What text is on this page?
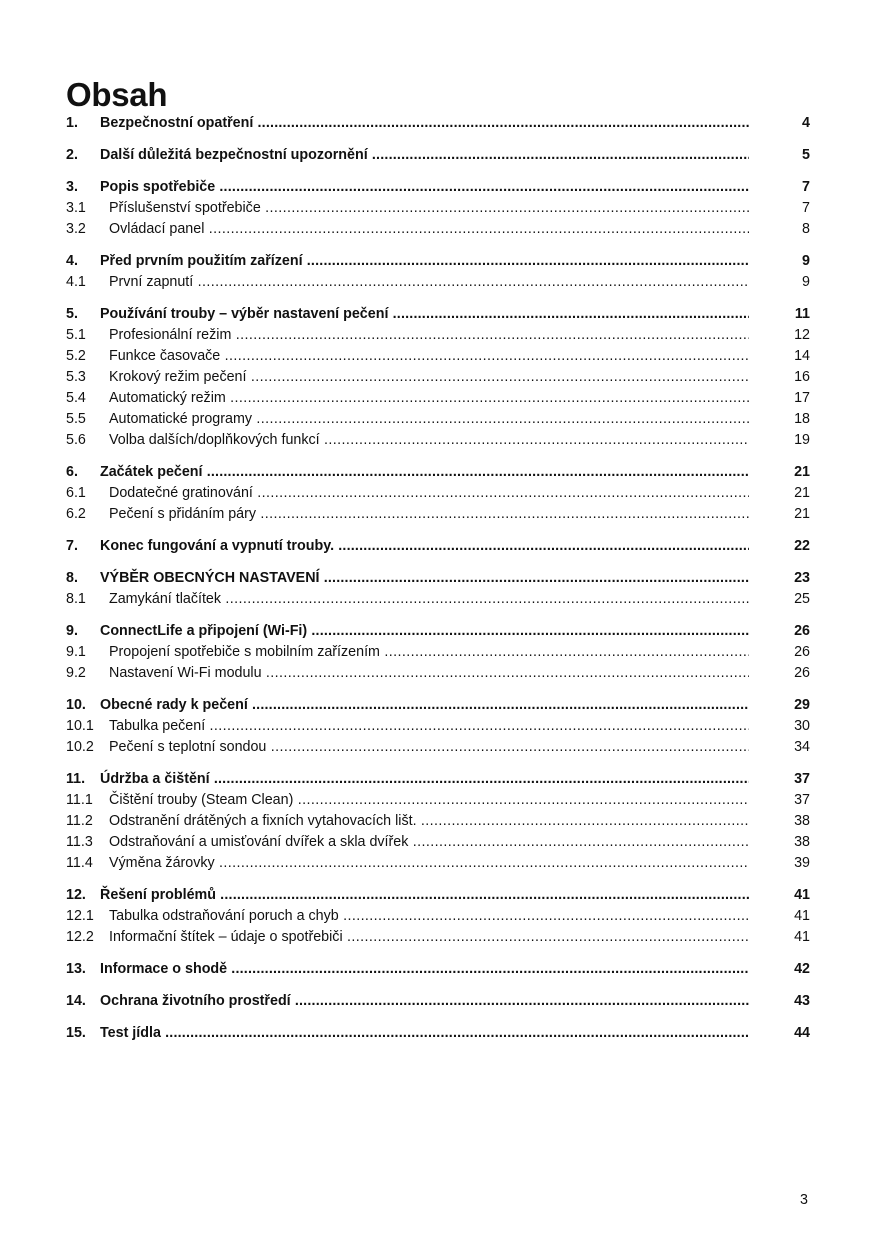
Obsah
1. Bezpečnostní opatření .....	4
2. Další důležitá bezpečnostní upozornění .....	5
3. Popis spotřebiče .....	7
3.1 Příslušenství spotřebiče .....	7
3.2 Ovládací panel .....	8
4. Před prvním použitím zařízení .....	9
4.1 První zapnutí .....	9
5. Používání trouby – výběr nastavení pečení .....	11
5.1 Profesionální režim .....	12
5.2 Funkce časovače .....	14
5.3 Krokový režim pečení .....	16
5.4 Automatický režim .....	17
5.5 Automatické programy .....	18
5.6 Volba dalších/doplňkových funkcí .....	19
6. Začátek pečení .....	21
6.1 Dodatečné gratinování .....	21
6.2 Pečení s přidáním páry .....	21
7. Konec fungování a vypnutí trouby. .....	22
8. VÝBĚR OBECNÝCH NASTAVENÍ .....	23
8.1 Zamykání tlačítek .....	25
9. ConnectLife a připojení (Wi-Fi) .....	26
9.1 Propojení spotřebiče s mobilním zařízením .....	26
9.2 Nastavení Wi-Fi modulu .....	26
10. Obecné rady k pečení .....	29
10.1 Tabulka pečení .....	30
10.2 Pečení s teplotní sondou .....	34
11. Údržba a čištění .....	37
11.1 Čištění trouby (Steam Clean) .....	37
11.2 Odstranění drátěných a fixních vytahovacích lišt. .....	38
11.3 Odstraňování a umisťování dvířek a skla dvířek .....	38
11.4 Výměna žárovky .....	39
12. Řešení problémů .....	41
12.1 Tabulka odstraňování poruch a chyb .....	41
12.2 Informační štítek – údaje o spotřebiči .....	41
13. Informace o shodě .....	42
14. Ochrana životního prostředí .....	43
15. Test jídla .....	44
3
